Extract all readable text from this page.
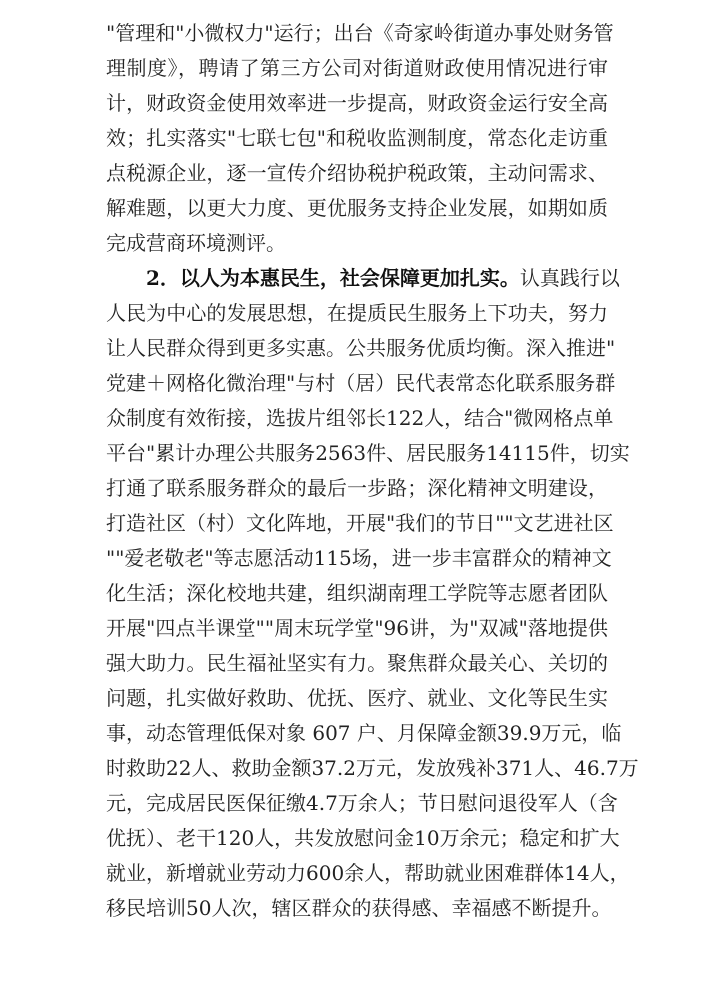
"管理和"小微权力"运行；出台《奇家岭街道办事处财务管
理制度》，聘请了第三方公司对街道财政使用情况进行审
计，财政资金使用效率进一步提高，财政资金运行安全高
效；扎实落实"七联七包"和税收监测制度，常态化走访重
点税源企业，逐一宣传介绍协税护税政策，主动问需求、
解难题，以更大力度、更优服务支持企业发展，如期如质
完成营商环境测评。
2．以人为本惠民生，社会保障更加扎实。认真践行以
人民为中心的发展思想，在提质民生服务上下功夫，努力
让人民群众得到更多实惠。公共服务优质均衡。深入推进"
党建＋网格化微治理"与村（居）民代表常态化联系服务群
众制度有效衔接，选拔片组邻长122人，结合"微网格点单
平台"累计办理公共服务2563件、居民服务14115件，切实
打通了联系服务群众的最后一步路；深化精神文明建设，
打造社区（村）文化阵地，开展"我们的节日""文艺进社区
""爱老敬老"等志愿活动115场，进一步丰富群众的精神文
化生活；深化校地共建，组织湖南理工学院等志愿者团队
开展"四点半课堂""周末玩学堂"96讲，为"双减"落地提供
强大助力。民生福祉坚实有力。聚焦群众最关心、关切的
问题，扎实做好救助、优抚、医疗、就业、文化等民生实
事，动态管理低保对象 607 户、月保障金额39.9万元，临
时救助22人、救助金额37.2万元，发放残补371人、46.7万
元，完成居民医保征缴4.7万余人；节日慰问退役军人（含
优抚）、老干120人，共发放慰问金10万余元；稳定和扩大
就业，新增就业劳动力600余人，帮助就业困难群体14人，
移民培训50人次，辖区群众的获得感、幸福感不断提升。
